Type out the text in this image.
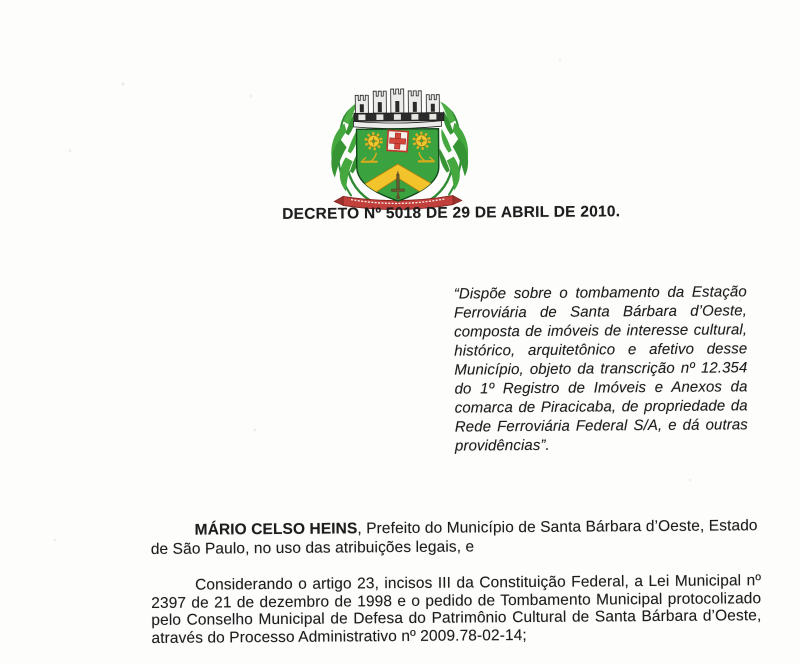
DECRETO Nº 5018 DE 29 DE ABRIL DE 2010.
“Dispõe sobre o tombamento da Estação Ferroviária de Santa Bárbara d’Oeste, composta de imóveis de interesse cultural, histórico, arquitetônico e afetivo desse Município, objeto da transcrição nº 12.354 do 1º Registro de Imóveis e Anexos da comarca de Piracicaba, de propriedade da Rede Ferroviária Federal S/A, e dá outras providências”.

MÁRIO CELSO HEINS, Prefeito do Município de Santa Bárbara d’Oeste, Estado de São Paulo, no uso das atribuições legais, e

Considerando o artigo 23, incisos III da Constituição Federal, a Lei Municipal nº 2397 de 21 de dezembro de 1998 e o pedido de Tombamento Municipal protocolizado pelo Conselho Municipal de Defesa do Patrimônio Cultural de Santa Bárbara d’Oeste, através do Processo Administrativo nº 2009.78-02-14;
